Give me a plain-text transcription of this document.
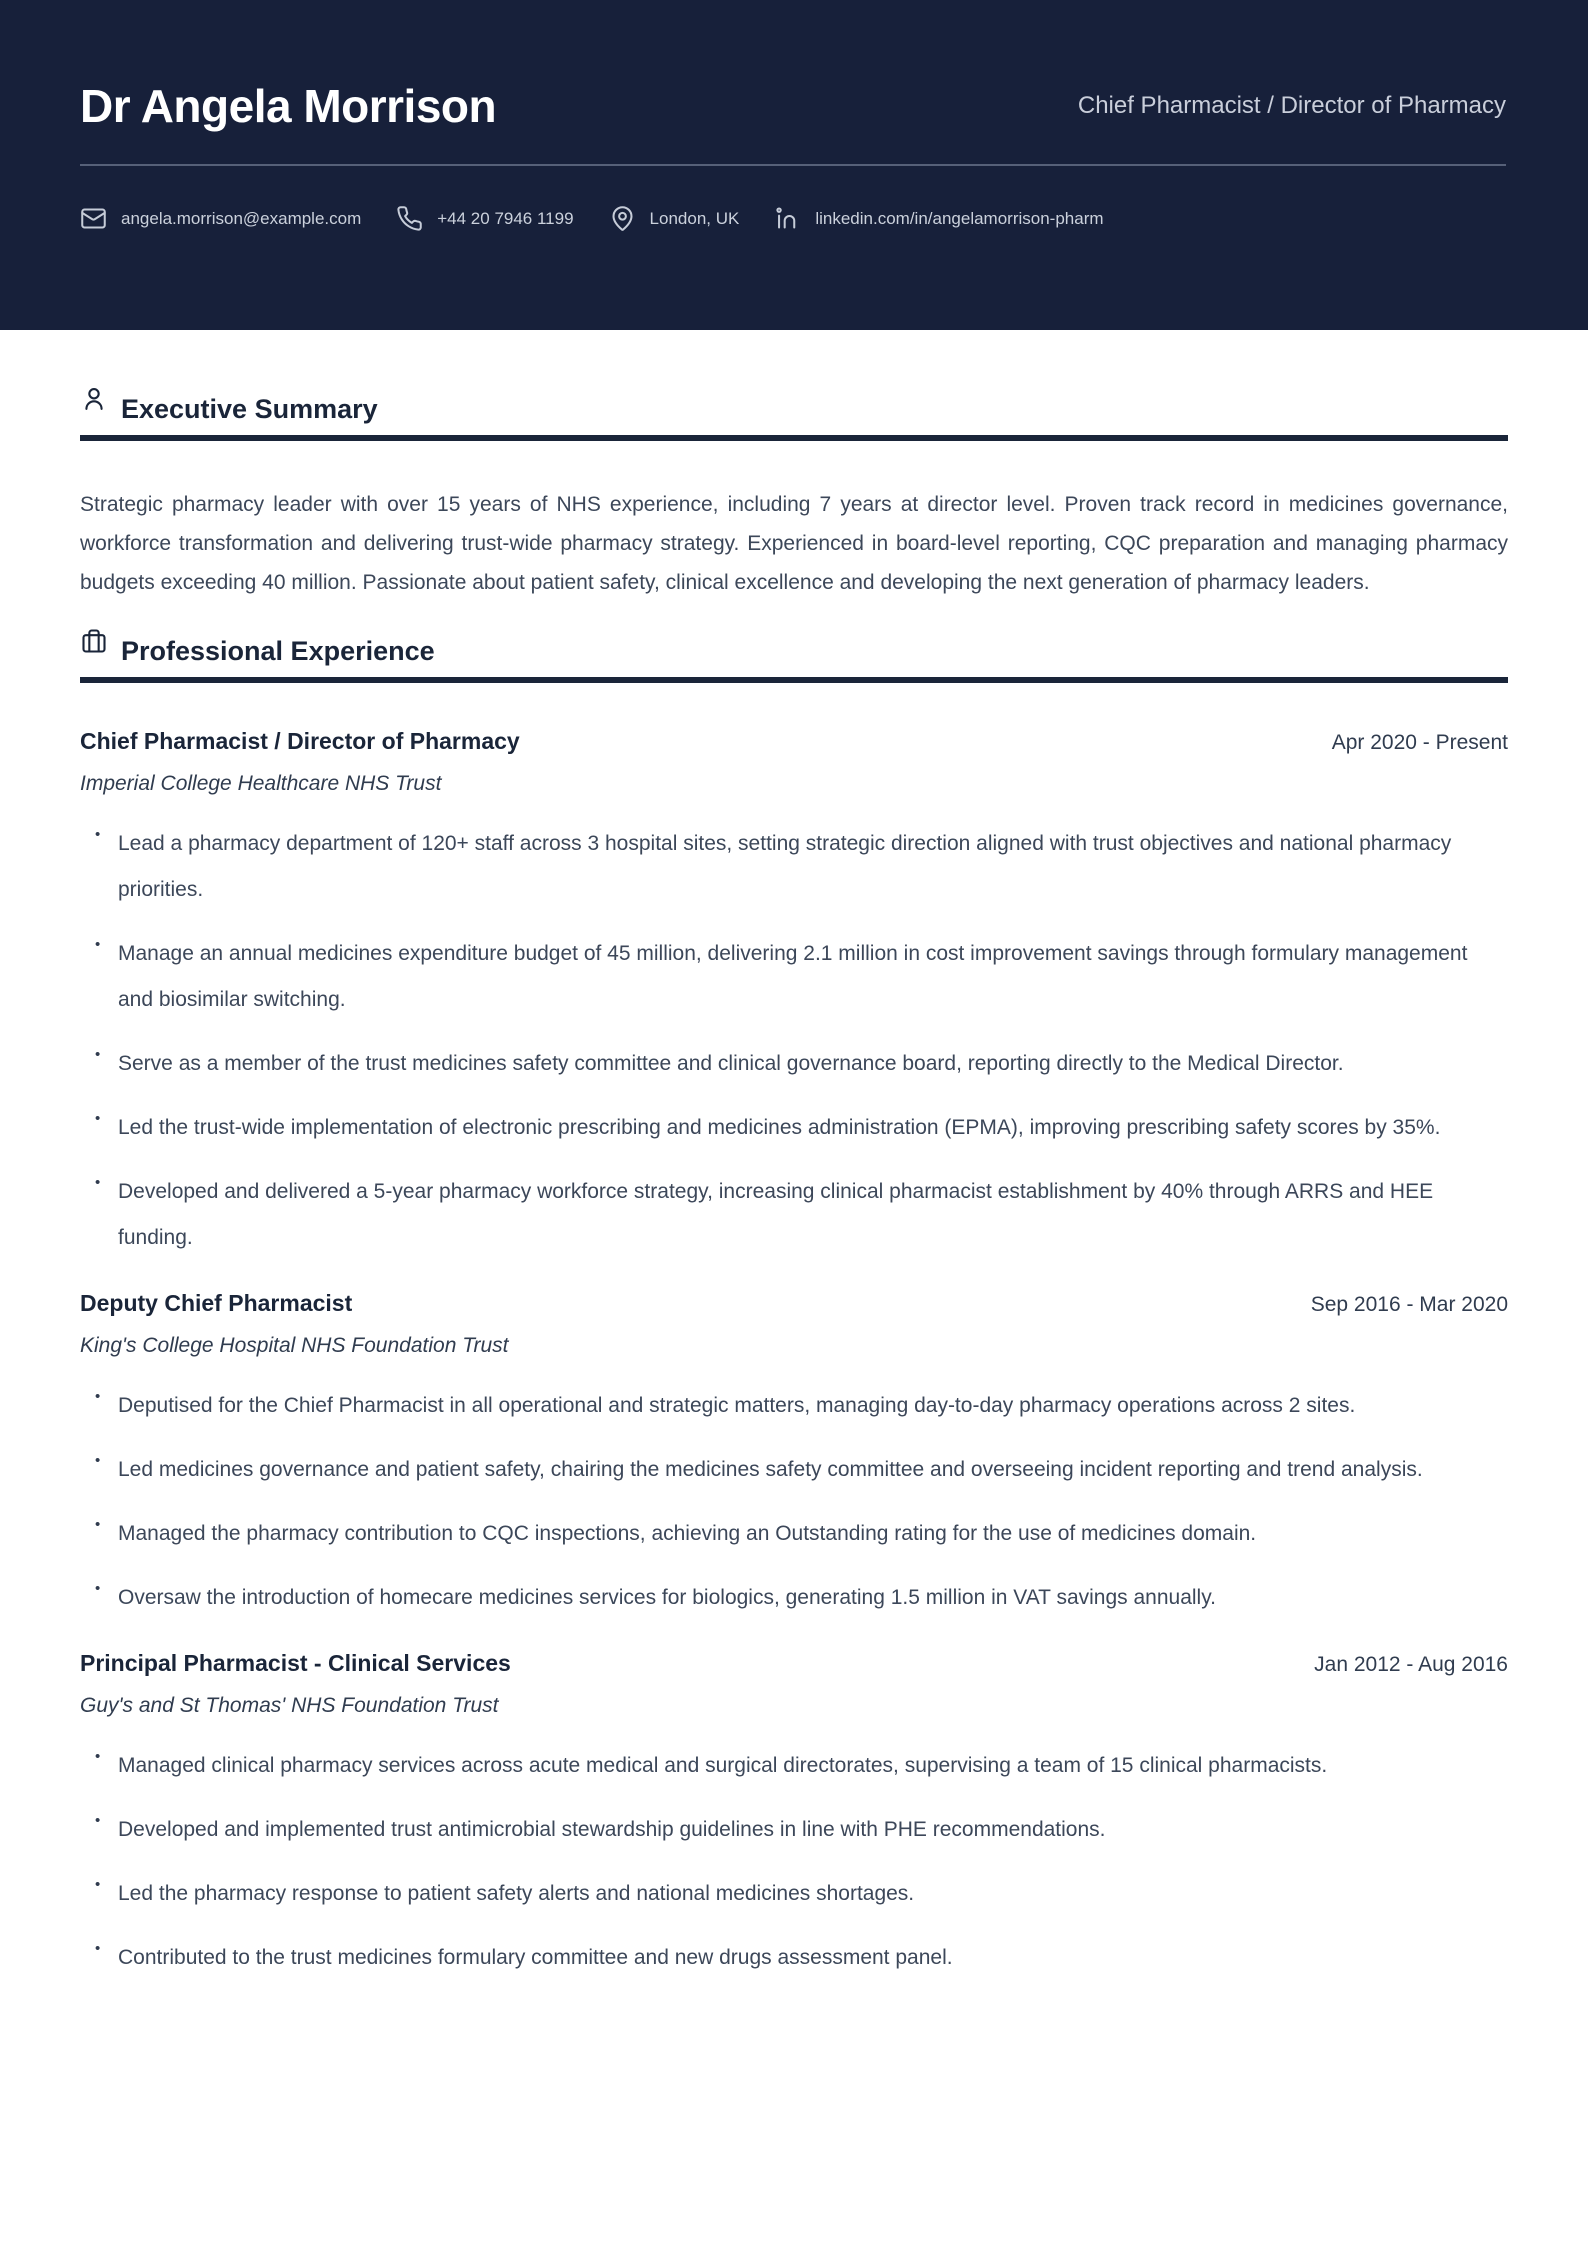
Dr Angela Morrison	Chief Pharmacist / Director of Pharmacy
angela.morrison@example.com	+44 20 7946 1199	London, UK	linkedin.com/in/angelamorrison-pharm
Executive Summary

Strategic pharmacy leader with over 15 years of NHS experience, including 7 years at director level. Proven track record in medicines governance, workforce transformation and delivering trust-wide pharmacy strategy. Experienced in board-level reporting, CQC preparation and managing pharmacy budgets exceeding 40 million. Passionate about patient safety, clinical excellence and developing the next generation of pharmacy leaders.

Professional Experience
Chief Pharmacist / Director of Pharmacy	Apr 2020 - Present
Imperial College Healthcare NHS Trust
• Lead a pharmacy department of 120+ staff across 3 hospital sites, setting strategic direction aligned with trust objectives and national pharmacy priorities.
• Manage an annual medicines expenditure budget of 45 million, delivering 2.1 million in cost improvement savings through formulary management and biosimilar switching.
• Serve as a member of the trust medicines safety committee and clinical governance board, reporting directly to the Medical Director.
• Led the trust-wide implementation of electronic prescribing and medicines administration (EPMA), improving prescribing safety scores by 35%.
• Developed and delivered a 5-year pharmacy workforce strategy, increasing clinical pharmacist establishment by 40% through ARRS and HEE funding.
Deputy Chief Pharmacist	Sep 2016 - Mar 2020
King's College Hospital NHS Foundation Trust
• Deputised for the Chief Pharmacist in all operational and strategic matters, managing day-to-day pharmacy operations across 2 sites.
• Led medicines governance and patient safety, chairing the medicines safety committee and overseeing incident reporting and trend analysis.
• Managed the pharmacy contribution to CQC inspections, achieving an Outstanding rating for the use of medicines domain.
• Oversaw the introduction of homecare medicines services for biologics, generating 1.5 million in VAT savings annually.
Principal Pharmacist - Clinical Services	Jan 2012 - Aug 2016
Guy's and St Thomas' NHS Foundation Trust
• Managed clinical pharmacy services across acute medical and surgical directorates, supervising a team of 15 clinical pharmacists.
• Developed and implemented trust antimicrobial stewardship guidelines in line with PHE recommendations.
• Led the pharmacy response to patient safety alerts and national medicines shortages.
• Contributed to the trust medicines formulary committee and new drugs assessment panel.
